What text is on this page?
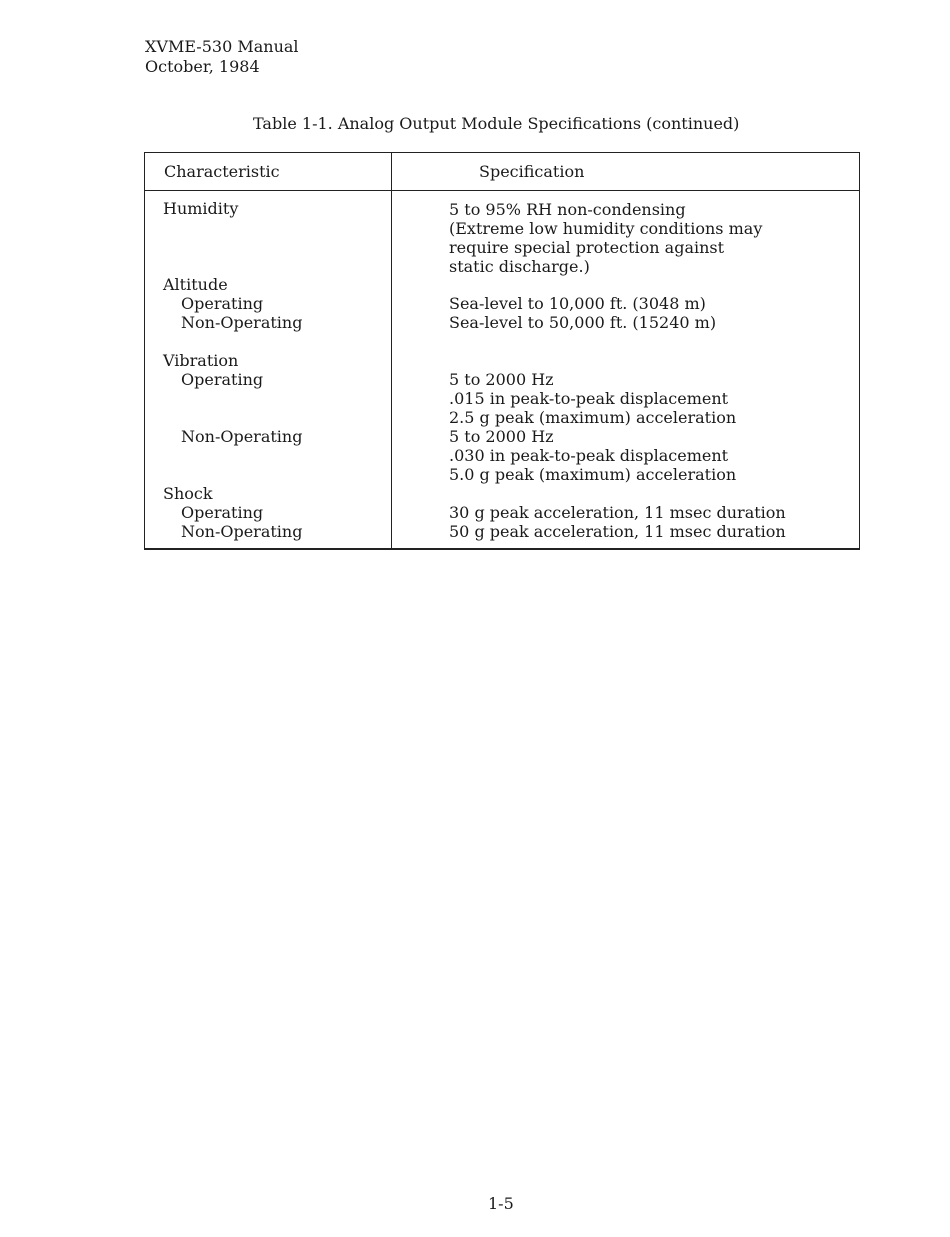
XVME-530 Manual
October, 1984
Table 1-1. Analog Output Module Specifications (continued)
Characteristic	Specification
Humidity
Altitude
Operating
Non-Operating
Vibration
Operating
Non-Operating
Shock
Operating
Non-Operating
5 to 95% RH non-condensing
(Extreme low humidity conditions may
require special protection against
static discharge.)
Sea-level to 10,000 ft. (3048 m)
Sea-level to 50,000 ft. (15240 m)
5 to 2000 Hz
.015 in peak-to-peak displacement
2.5 g peak (maximum) acceleration
5 to 2000 Hz
.030 in peak-to-peak displacement
5.0 g peak (maximum) acceleration
30 g peak acceleration, 11 msec duration
50 g peak acceleration, 11 msec duration
1-5
